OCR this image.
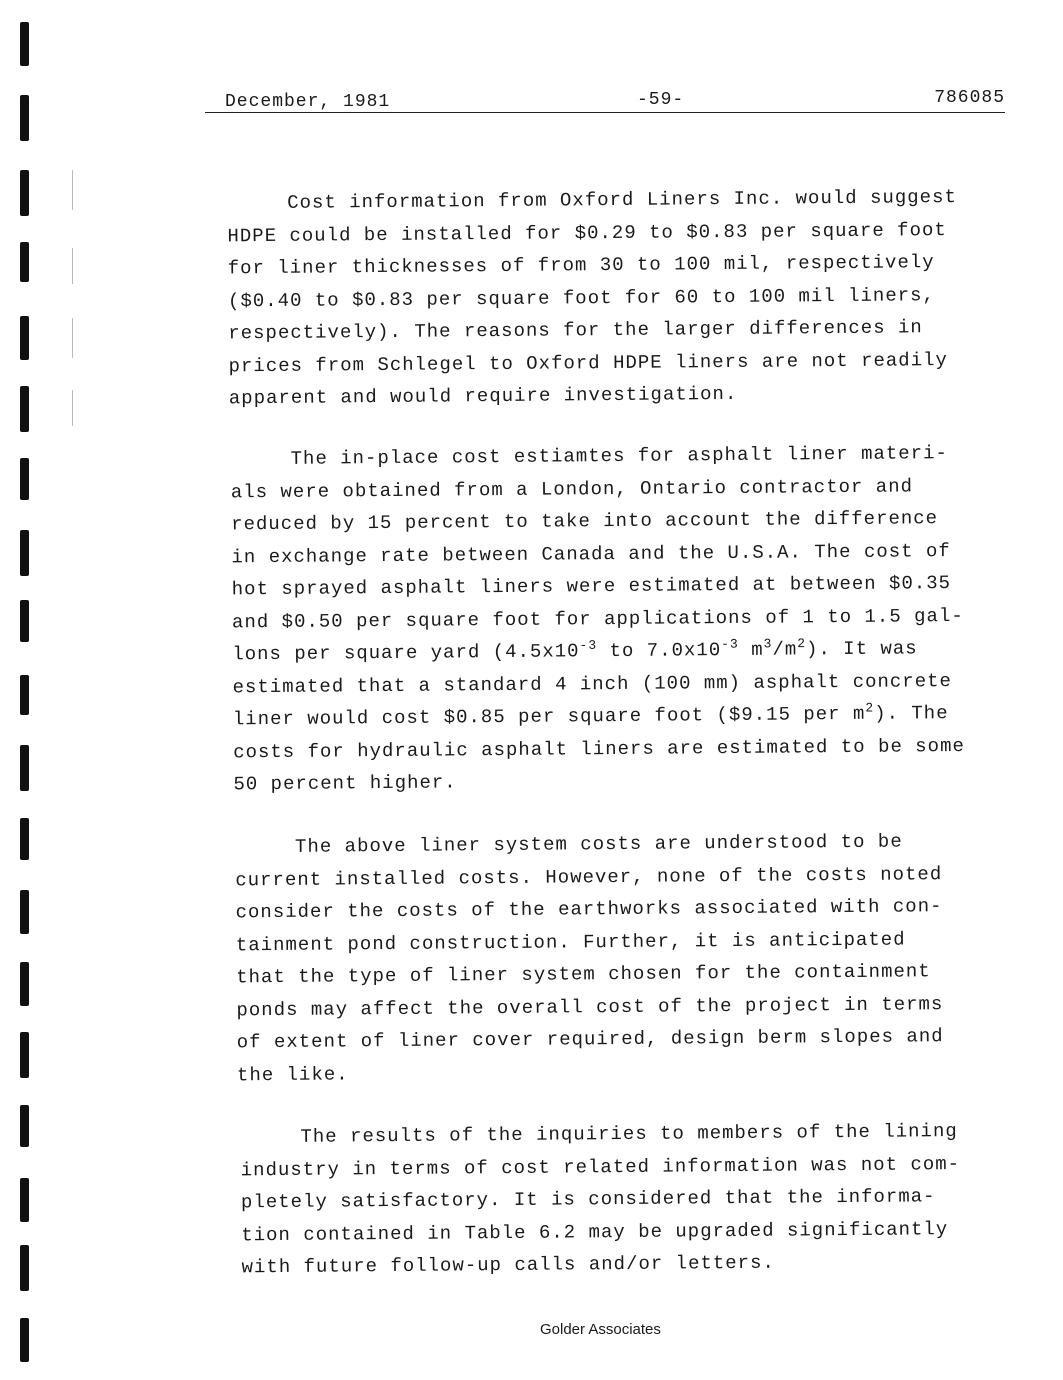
December, 1981	-59-	786085
Cost information from Oxford Liners Inc. would suggest
HDPE could be installed for $0.29 to $0.83 per square foot
for liner thicknesses of from 30 to 100 mil, respectively
($0.40 to $0.83 per square foot for 60 to 100 mil liners,
respectively). The reasons for the larger differences in
prices from Schlegel to Oxford HDPE liners are not readily
apparent and would require investigation.
The in-place cost estiamtes for asphalt liner materi-
als were obtained from a London, Ontario contractor and
reduced by 15 percent to take into account the difference
in exchange rate between Canada and the U.S.A. The cost of
hot sprayed asphalt liners were estimated at between $0.35
and $0.50 per square foot for applications of 1 to 1.5 gal-
lons per square yard ($4.5x10^{-3}$ to $7.0x10^{-3}$ $m^3/m^2$). It was
estimated that a standard 4 inch (100 mm) asphalt concrete
liner would cost $0.85 per square foot ($9.15 per $m^2$). The
costs for hydraulic asphalt liners are estimated to be some
50 percent higher.
The above liner system costs are understood to be
current installed costs. However, none of the costs noted
consider the costs of the earthworks associated with con-
tainment pond construction. Further, it is anticipated
that the type of liner system chosen for the containment
ponds may affect the overall cost of the project in terms
of extent of liner cover required, design berm slopes and
the like.
The results of the inquiries to members of the lining
industry in terms of cost related information was not com-
pletely satisfactory. It is considered that the informa-
tion contained in Table 6.2 may be upgraded significantly
with future follow-up calls and/or letters.
Golder Associates
